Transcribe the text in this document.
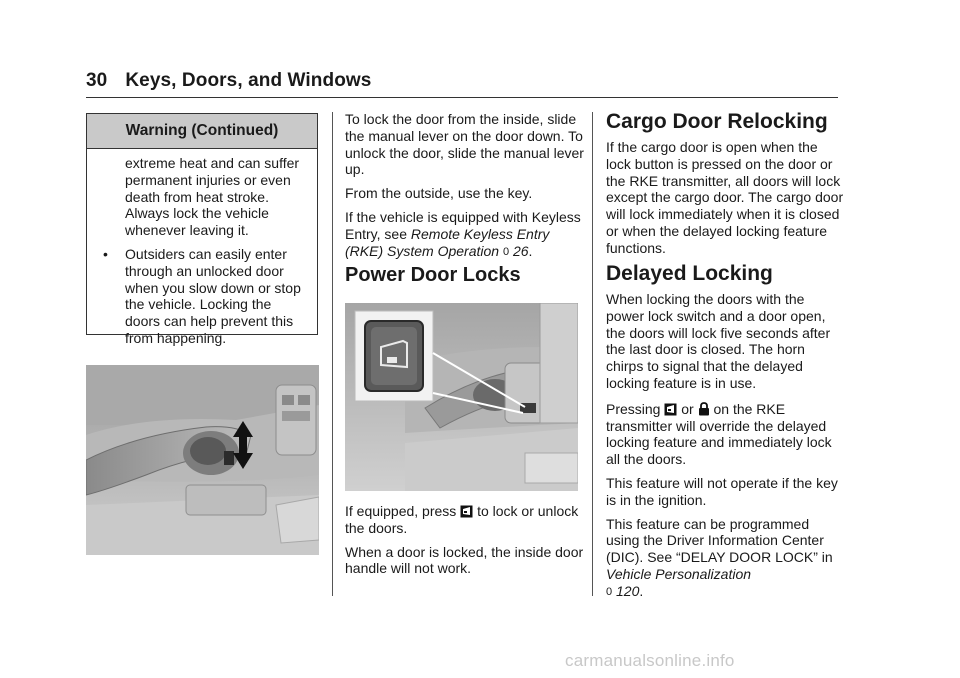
30 Keys, Doors, and Windows
Warning (Continued)

extreme heat and can suffer permanent injuries or even death from heat stroke. Always lock the vehicle whenever leaving it.

• Outsiders can easily enter through an unlocked door when you slow down or stop the vehicle. Locking the doors can help prevent this from happening.

To lock the door from the inside, slide the manual lever on the door down. To unlock the door, slide the manual lever up.

From the outside, use the key.

If the vehicle is equipped with Keyless Entry, see Remote Keyless Entry (RKE) System Operation 0 26.

Power Door Locks

If equipped, press  to lock or unlock the doors.

When a door is locked, the inside door handle will not work.

Cargo Door Relocking

If the cargo door is open when the lock button is pressed on the door or the RKE transmitter, all doors will lock except the cargo door. The cargo door will lock immediately when it is closed or when the delayed locking feature functions.

Delayed Locking

When locking the doors with the power lock switch and a door open, the doors will lock five seconds after the last door is closed. The horn chirps to signal that the delayed locking feature is in use.

Pressing  or  on the RKE transmitter will override the delayed locking feature and immediately lock all the doors.

This feature will not operate if the key is in the ignition.

This feature can be programmed using the Driver Information Center (DIC). See “DELAY DOOR LOCK” in Vehicle Personalization
0 120.

carmanualsonline.info
